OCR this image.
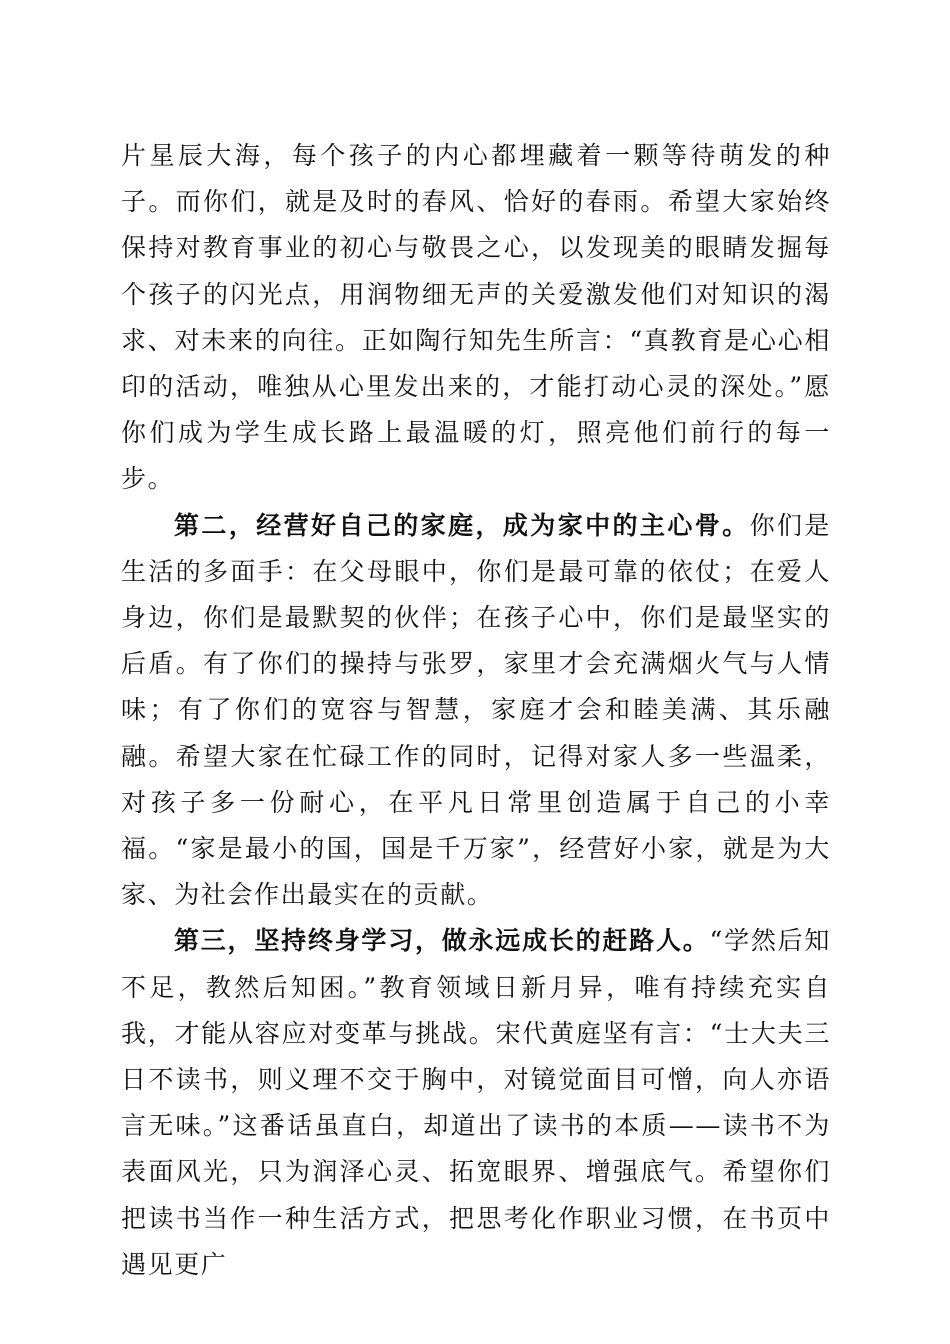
片星辰大海，每个孩子的内心都埋藏着一颗等待萌发的种子。而你们，就是及时的春风、恰好的春雨。希望大家始终保持对教育事业的初心与敬畏之心，以发现美的眼睛发掘每个孩子的闪光点，用润物细无声的关爱激发他们对知识的渴求、对未来的向往。正如陶行知先生所言：“真教育是心心相印的活动，唯独从心里发出来的，才能打动心灵的深处。”愿你们成为学生成长路上最温暖的灯，照亮他们前行的每一步。

第二，经营好自己的家庭，成为家中的主心骨。你们是生活的多面手：在父母眼中，你们是最可靠的依仗；在爱人身边，你们是最默契的伙伴；在孩子心中，你们是最坚实的后盾。有了你们的操持与张罗，家里才会充满烟火气与人情味；有了你们的宽容与智慧，家庭才会和睦美满、其乐融融。希望大家在忙碌工作的同时，记得对家人多一些温柔，对孩子多一份耐心，在平凡日常里创造属于自己的小幸福。“家是最小的国，国是千万家”，经营好小家，就是为大家、为社会作出最实在的贡献。

第三，坚持终身学习，做永远成长的赶路人。“学然后知不足，教然后知困。”教育领域日新月异，唯有持续充实自我，才能从容应对变革与挑战。宋代黄庭坚有言：“士大夫三日不读书，则义理不交于胸中，对镜觉面目可憎，向人亦语言无味。”这番话虽直白，却道出了读书的本质——读书不为表面风光，只为润泽心灵、拓宽眼界、增强底气。希望你们把读书当作一种生活方式，把思考化作职业习惯，在书页中遇见更广
